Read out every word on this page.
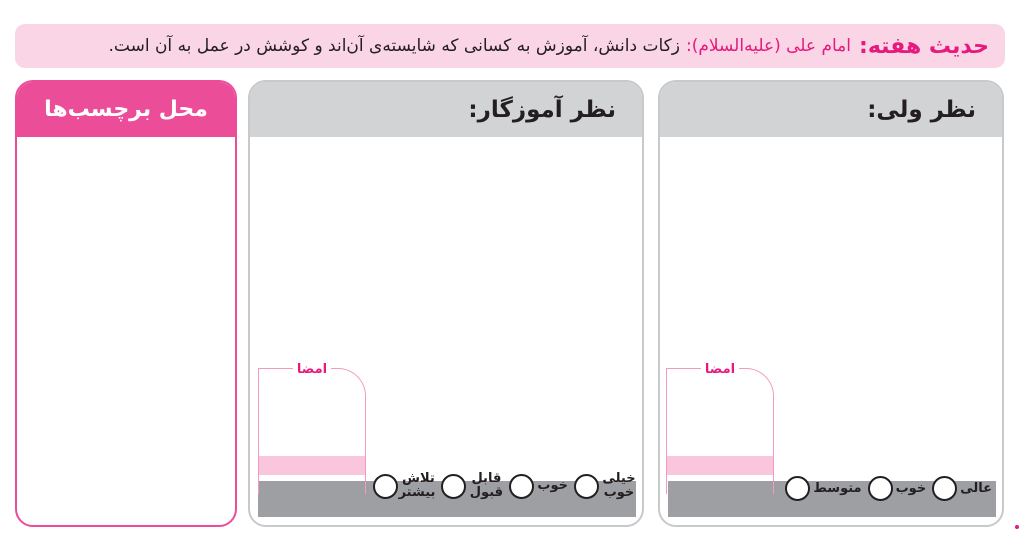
حدیث هفته:
امام علی (علیه‌السلام):
زکات دانش، آموزش به کسانی که شایسته‌ی آن‌اند و کوشش در عمل به آن است.
نظر ولی:
امضا
عالی
خوب
متوسط
نظر آموزگار:
امضا
خیلی خوب
خوب
قابل قبول
تلاش بیشتر
محل برچسب‌ها
